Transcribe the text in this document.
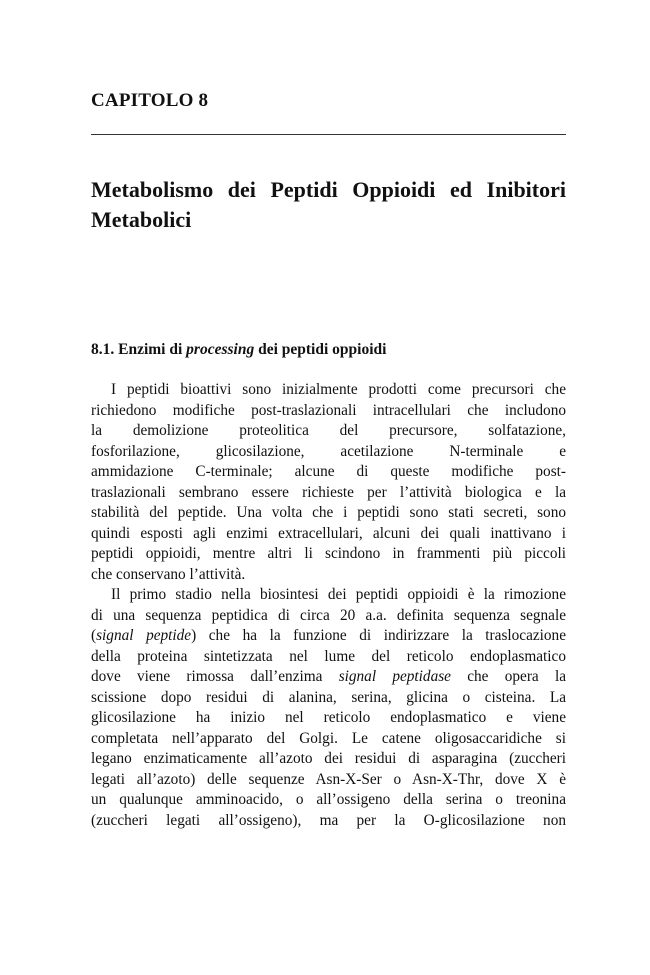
CAPITOLO 8
Metabolismo dei Peptidi Oppioidi ed Inibitori Metabolici
8.1. Enzimi di processing dei peptidi oppioidi

I peptidi bioattivi sono inizialmente prodotti come precursori che
richiedono modifiche post-traslazionali intracellulari che includono
la demolizione proteolitica del precursore, solfatazione,
fosforilazione, glicosilazione, acetilazione N-terminale e
ammidazione C-terminale; alcune di queste modifiche post-
traslazionali sembrano essere richieste per l’attività biologica e la
stabilità del peptide. Una volta che i peptidi sono stati secreti, sono
quindi esposti agli enzimi extracellulari, alcuni dei quali inattivano i
peptidi oppioidi, mentre altri li scindono in frammenti più piccoli
che conservano l’attività.

Il primo stadio nella biosintesi dei peptidi oppioidi è la rimozione
di una sequenza peptidica di circa 20 a.a. definita sequenza segnale
(signal peptide) che ha la funzione di indirizzare la traslocazione
della proteina sintetizzata nel lume del reticolo endoplasmatico
dove viene rimossa dall’enzima signal peptidase che opera la
scissione dopo residui di alanina, serina, glicina o cisteina. La
glicosilazione ha inizio nel reticolo endoplasmatico e viene
completata nell’apparato del Golgi. Le catene oligosaccaridiche si
legano enzimaticamente all’azoto dei residui di asparagina (zuccheri
legati all’azoto) delle sequenze Asn-X-Ser o Asn-X-Thr, dove X è
un qualunque amminoacido, o all’ossigeno della serina o treonina
(zuccheri legati all’ossigeno), ma per la O-glicosilazione non
